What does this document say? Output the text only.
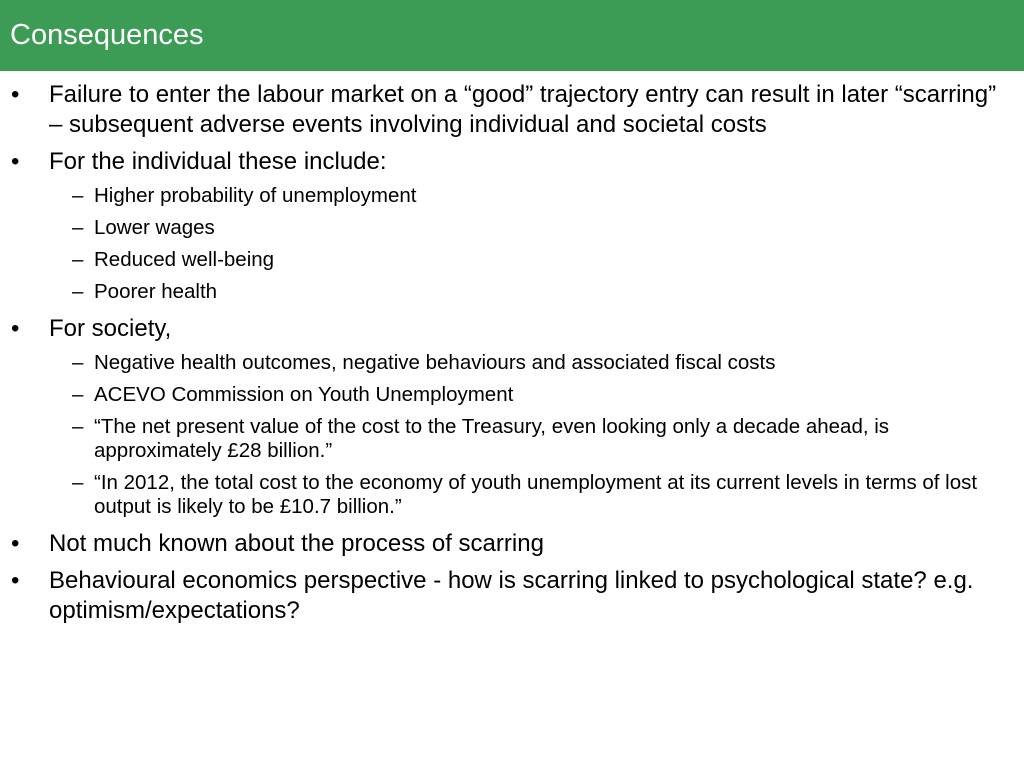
Consequences
•	Failure to enter the labour market on a “good” trajectory entry can result in later “scarring” – subsequent adverse events involving individual and societal costs
•	For the individual these include:
– Higher probability of unemployment
– Lower wages
– Reduced well-being
– Poorer health
•	For society,
– Negative health outcomes, negative behaviours and associated fiscal costs
– ACEVO Commission on Youth Unemployment
– “The net present value of the cost to the Treasury, even looking only a decade ahead, is approximately £28 billion.”
– “In 2012, the total cost to the economy of youth unemployment at its current levels in terms of lost output is likely to be £10.7 billion.”
•	Not much known about the process of scarring
•	Behavioural economics perspective - how is scarring linked to psychological state? e.g. optimism/expectations?
